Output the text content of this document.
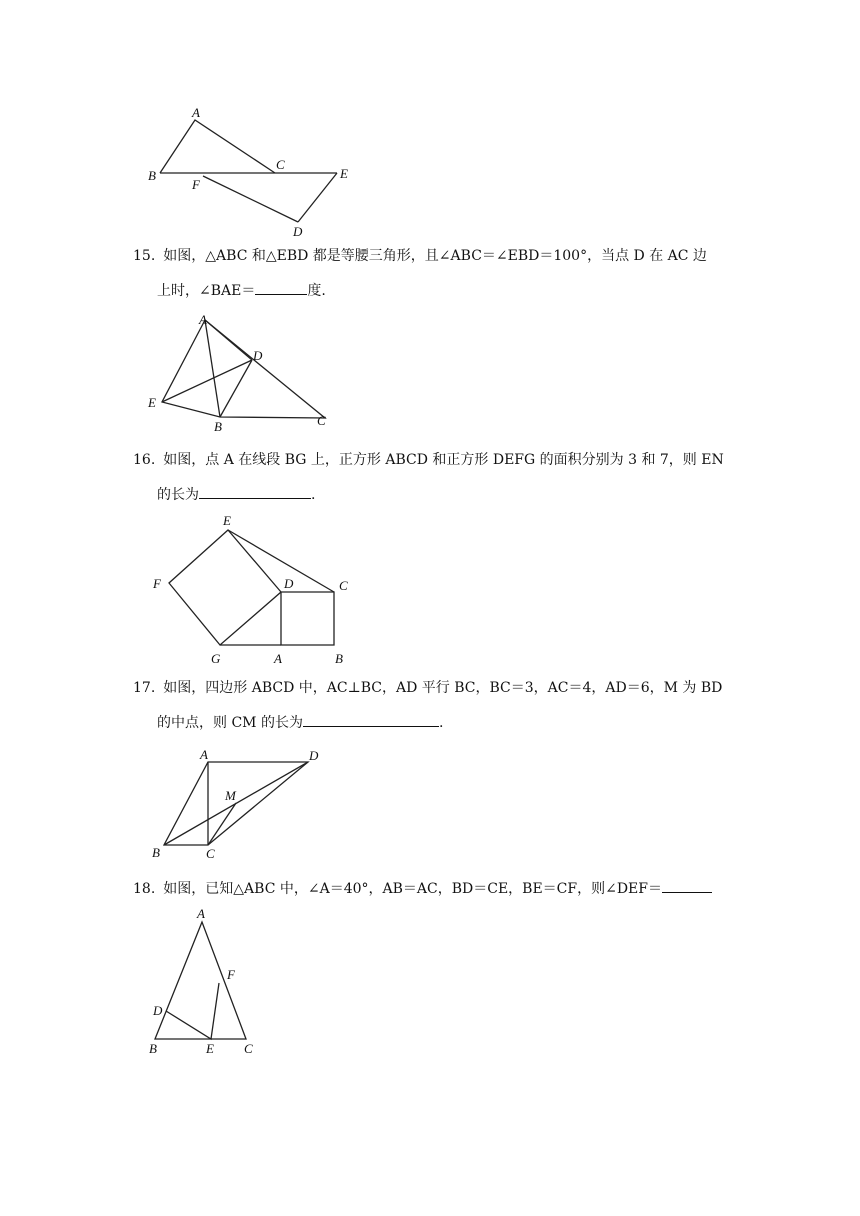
A
B
C
E
F
D
15. 如图，△ABC 和△EBD 都是等腰三角形，且∠ABC＝∠EBD＝100°，当点 D 在 AC 边
上时，∠BAE＝	度.
A
D
E
B	C
16. 如图，点 A 在线段 BG 上，正方形 ABCD 和正方形 DEFG 的面积分别为 3 和 7，则 EN
的长为	.
E
F	D	C
G	A	B
17. 如图，四边形 ABCD 中，AC⊥BC，AD 平行 BC，BC＝3，AC＝4，AD＝6，M 为 BD
的中点，则 CM 的长为	.
A	D
M
B	C
18. 如图，已知△ABC 中，∠A＝40°，AB＝AC，BD＝CE，BE＝CF，则∠DEF＝
A
F
D
B	E C
